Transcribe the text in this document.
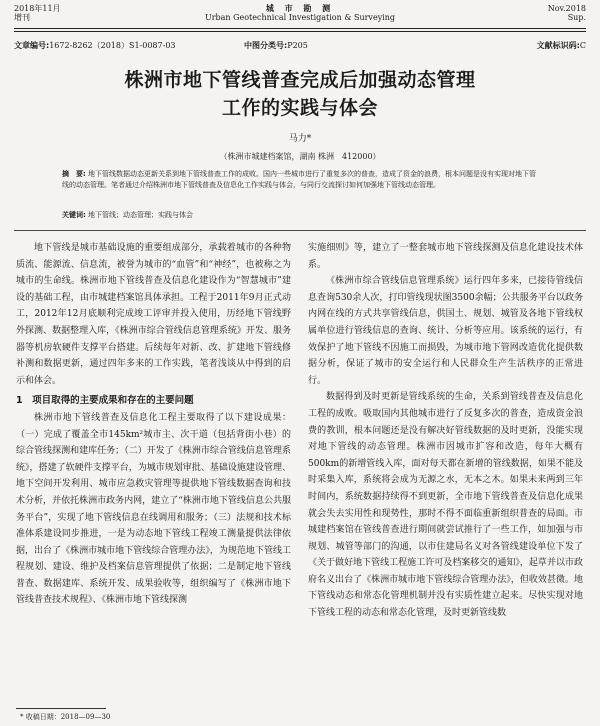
2018年11月
增刊
城 市 勘 测
Urban Geotechnical Investigation & Surveying
Nov.2018
Sup.
文章编号:1672-8262（2018）S1-0087-03	中图分类号:P205	文献标识码:C
株洲市地下管线普查完成后加强动态管理
工作的实践与体会
马力*
（株洲市城建档案馆，湖南 株洲　412000）
摘　要: 地下管线数据动态更新关系到地下管线普查工作的成败。国内一些城市进行了重复多次的普查，造成了资金的浪费，根本问题是没有实现对地下管线的动态管理。笔者通过介绍株洲市地下管线普查及信息化工作实践与体会，与同行交流探讨如何加强地下管线动态管理。
关键词: 地下管线；动态管理；实践与体会

地下管线是城市基础设施的重要组成部分，承载着城市的各种物质流、能源流、信息流，被誉为城市的“血管”和“神经”，也被称之为城市的生命线。株洲市地下管线普查及信息化建设作为“智慧城市”建设的基础工程，由市城建档案馆具体承担。工程于2011年9月正式动工，2012年12月底顺利完成竣工评审并投入使用，历经地下管线野外探测、数据整理入库，《株洲市综合管线信息管理系统》开发、服务器等机房软硬件支撑平台搭建。后续每年对新、改、扩建地下管线修补测和数据更新，通过四年多来的工作实践，笔者浅谈从中得到的启示和体会。

1　项目取得的主要成果和存在的主要问题

株洲市地下管线普查及信息化工程主要取得了以下建设成果：（一）完成了覆盖全市145km²城市主、次干道（包括背街小巷）的综合管线探测和建库任务；（二）开发了《株洲市综合管线信息管理系统》，搭建了软硬件支撑平台，为城市规划审批、基础设施建设管理、地下空间开发利用、城市应急救灾管理等提供地下管线数据查询和技术分析，并依托株洲市政务内网，建立了“株洲市地下管线信息公共服务平台”，实现了地下管线信息在线调用和服务；（三）法规和技术标准体系建设同步推进，一是为动态地下管线工程竣工测量提供法律依据，出台了《株洲市城市地下管线综合管理办法》，为规范地下管线工程规划、建设、维护及档案信息管理提供了依据；二是制定地下管线普查、数据建库、系统开发、成果验收等，组织编写了《株洲市地下管线普查技术规程》、《株洲市地下管线探测

实施细则》等，建立了一整套城市地下管线探测及信息化建设技术体系。

《株洲市综合管线信息管理系统》运行四年多来，已接待管线信息查询530余人次，打印管线现状图3500余幅；公共服务平台以政务内网在线的方式共享管线信息，供国土、规划、城管及各地下管线权属单位进行管线信息的查询、统计、分析等应用。该系统的运行，有效保护了地下管线不因施工而损毁，为城市地下管网改造优化提供数据分析，保证了城市的安全运行和人民群众生产生活秩序的正常进行。

数据得到及时更新是管线系统的生命，关系到管线普查及信息化工程的成败。吸取国内其他城市进行了反复多次的普查，造成资金浪费的教训，根本问题还是没有解决好管线数据的及时更新，没能实现对地下管线的动态管理。株洲市因城市扩容和改造，每年大概有500km的新增管线入库，面对每天都在新增的管线数据，如果不能及时采集入库，系统将会成为无源之水，无本之木。如果未来两到三年时间内，系统数据持续得不到更新，全市地下管线普查及信息化成果就会失去实用性和现势性，那时不得不面临重新组织普查的局面。市城建档案馆在管线普查进行期间就尝试推行了一些工作，如加强与市规划、城管等部门的沟通，以市住建局名义对各管线建设单位下发了《关于做好地下管线工程施工许可及档案移交的通知》，起草并以市政府名义出台了《株洲市城市地下管线综合管理办法》，但收效甚微。地下管线动态和常态化管理机制并没有实质性建立起来。尽快实现对地下管线工程的动态和常态化管理，及时更新管线数

* 收稿日期：2018—09—30
